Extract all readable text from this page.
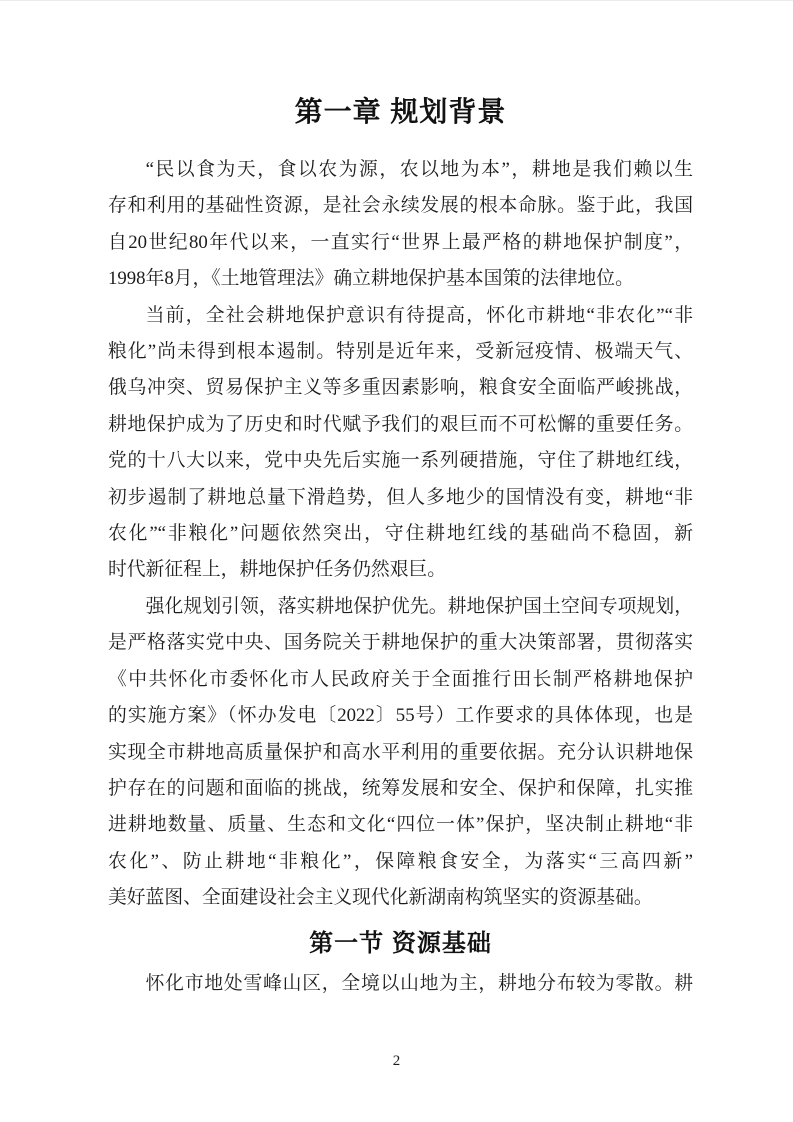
第一章 规划背景
“民以食为天，食以农为源，农以地为本”，耕地是我们赖以生
存和利用的基础性资源，是社会永续发展的根本命脉。鉴于此，我国
自20世纪80年代以来，一直实行“世界上最严格的耕地保护制度”，
1998年8月，《土地管理法》确立耕地保护基本国策的法律地位。
当前，全社会耕地保护意识有待提高，怀化市耕地“非农化”“非
粮化”尚未得到根本遏制。特别是近年来，受新冠疫情、极端天气、
俄乌冲突、贸易保护主义等多重因素影响，粮食安全面临严峻挑战，
耕地保护成为了历史和时代赋予我们的艰巨而不可松懈的重要任务。
党的十八大以来，党中央先后实施一系列硬措施，守住了耕地红线，
初步遏制了耕地总量下滑趋势，但人多地少的国情没有变，耕地“非
农化”“非粮化”问题依然突出，守住耕地红线的基础尚不稳固，新
时代新征程上，耕地保护任务仍然艰巨。
强化规划引领，落实耕地保护优先。耕地保护国土空间专项规划，
是严格落实党中央、国务院关于耕地保护的重大决策部署，贯彻落实
《中共怀化市委怀化市人民政府关于全面推行田长制严格耕地保护
的实施方案》（怀办发电〔2022〕55号）工作要求的具体体现，也是
实现全市耕地高质量保护和高水平利用的重要依据。充分认识耕地保
护存在的问题和面临的挑战，统筹发展和安全、保护和保障，扎实推
进耕地数量、质量、生态和文化“四位一体”保护，坚决制止耕地“非
农化”、防止耕地“非粮化”，保障粮食安全，为落实“三高四新”
美好蓝图、全面建设社会主义现代化新湖南构筑坚实的资源基础。
第一节 资源基础
怀化市地处雪峰山区，全境以山地为主，耕地分布较为零散。耕
2
